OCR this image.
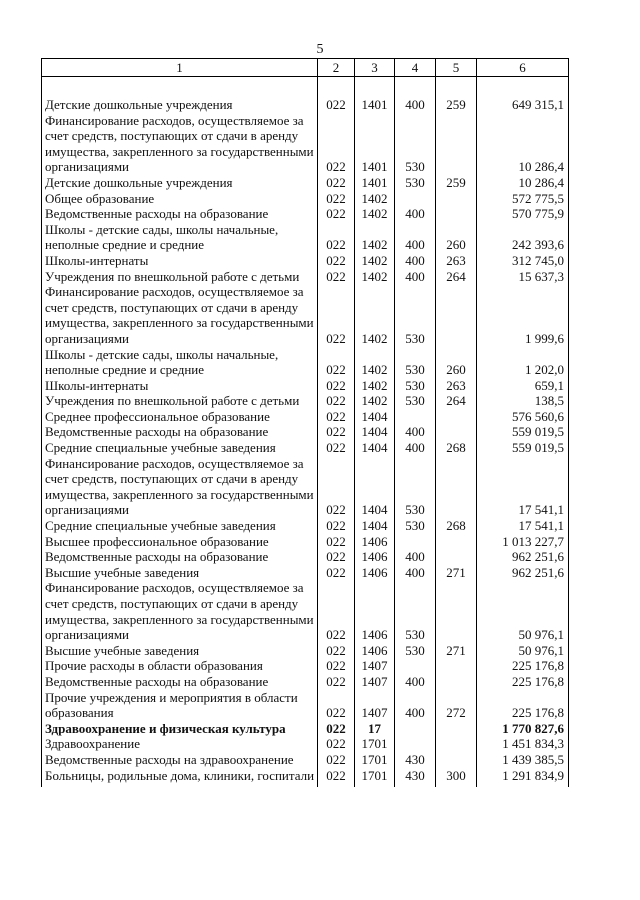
5
1	2	3	4	5	6

Детские дошкольные учреждения	022	1401	400	259	649 315,1
Финансирование расходов, осуществляемое за счет средств, поступающих от сдачи в аренду имущества, закрепленного за государственными организациями	022	1401	530		10 286,4
Детские дошкольные учреждения	022	1401	530	259	10 286,4
Общее образование	022	1402			572 775,5
Ведомственные расходы на образование	022	1402	400		570 775,9
Школы - детские сады, школы начальные, неполные средние и средние	022	1402	400	260	242 393,6
Школы-интернаты	022	1402	400	263	312 745,0
Учреждения по внешкольной работе с детьми	022	1402	400	264	15 637,3
Финансирование расходов, осуществляемое за счет средств, поступающих от сдачи в аренду имущества, закрепленного за государственными организациями	022	1402	530		1 999,6
Школы - детские сады, школы начальные, неполные средние и средние	022	1402	530	260	1 202,0
Школы-интернаты	022	1402	530	263	659,1
Учреждения по внешкольной работе с детьми	022	1402	530	264	138,5
Среднее профессиональное образование	022	1404			576 560,6
Ведомственные расходы на образование	022	1404	400		559 019,5
Средние специальные учебные заведения	022	1404	400	268	559 019,5
Финансирование расходов, осуществляемое за счет средств, поступающих от сдачи в аренду имущества, закрепленного за государственными организациями	022	1404	530		17 541,1
Средние специальные учебные заведения	022	1404	530	268	17 541,1
Высшее профессиональное образование	022	1406			1 013 227,7
Ведомственные расходы на образование	022	1406	400		962 251,6
Высшие учебные заведения	022	1406	400	271	962 251,6
Финансирование расходов, осуществляемое за счет средств, поступающих от сдачи в аренду имущества, закрепленного за государственными организациями	022	1406	530		50 976,1
Высшие учебные заведения	022	1406	530	271	50 976,1
Прочие расходы в области образования	022	1407			225 176,8
Ведомственные расходы на образование	022	1407	400		225 176,8
Прочие учреждения и мероприятия в области образования	022	1407	400	272	225 176,8
Здравоохранение и физическая культура	022	17			1 770 827,6
Здравоохранение	022	1701			1 451 834,3
Ведомственные расходы на здравоохранение	022	1701	430		1 439 385,5
Больницы, родильные дома, клиники, госпитали	022	1701	430	300	1 291 834,9
